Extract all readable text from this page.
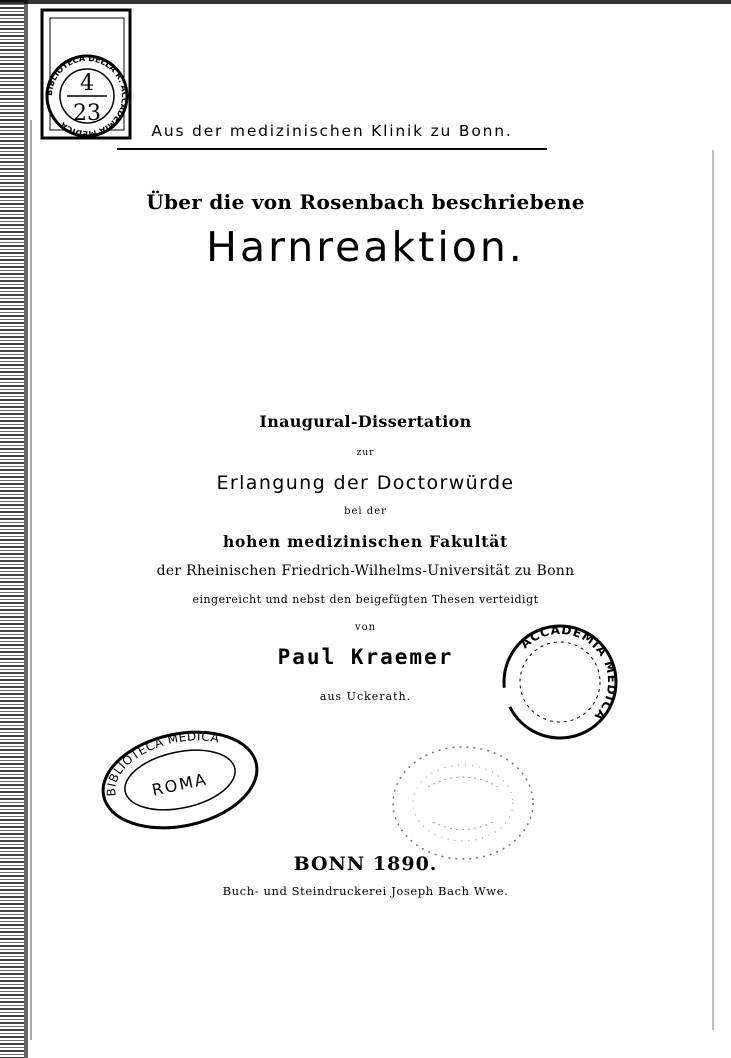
BIBLIOTECA DELLA R. ACCADEMIA MEDICA
4
23
Aus der medizinischen Klinik zu Bonn.
Über die von Rosenbach beschriebene
Harnreaktion.
Inaugural-Dissertation
zur
Erlangung der Doctorwürde
bei der
hohen medizinischen Fakultät
der Rheinischen Friedrich-Wilhelms-Universität zu Bonn
eingereicht und nebst den beigefügten Thesen verteidigt
von
Paul Kraemer
aus Uckerath.
ACCADEMIA MEDICA
BIBLIOTECA MEDICA
ROMA
BONN 1890.
Buch- und Steindruckerei Joseph Bach Wwe.
